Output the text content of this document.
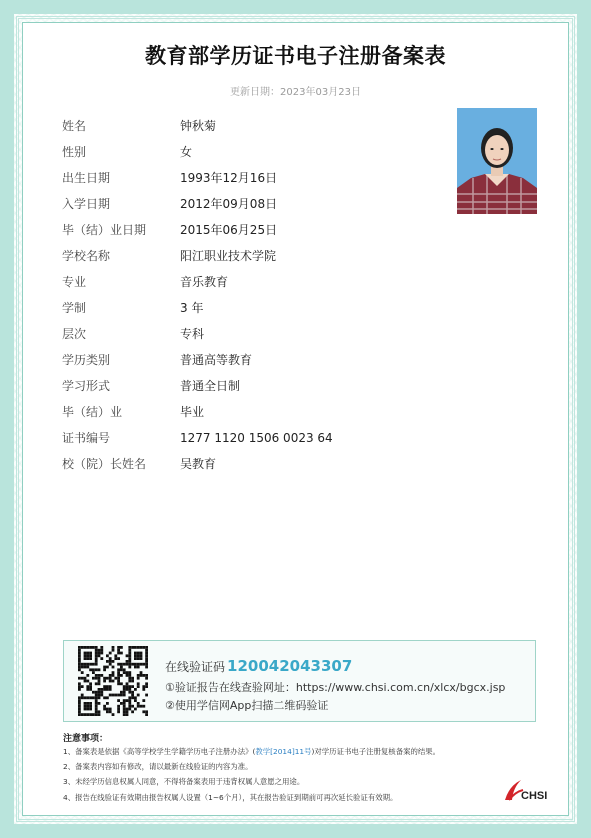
教育部学历证书电子注册备案表
更新日期：2023年03月23日
姓名	钟秋菊
性别	女
出生日期	1993年12月16日
入学日期	2012年09月08日
毕（结）业日期	2015年06月25日
学校名称	阳江职业技术学院
专业	音乐教育
学制	3 年
层次	专科
学历类别	普通高等教育
学习形式	普通全日制
毕（结）业	毕业
证书编号	1277 1120 1506 0023 64
校（院）长姓名	吴教育
在线验证码 120042043307
①验证报告在线查验网址：https://www.chsi.com.cn/xlcx/bgcx.jsp
②使用学信网App扫描二维码验证
注意事项：
1、备案表是依据《高等学校学生学籍学历电子注册办法》(教学[2014]11号)对学历证书电子注册复核备案的结果。
2、备案表内容如有修改，请以最新在线验证的内容为准。
3、未经学历信息权属人同意，不得将备案表用于违背权属人意愿之用途。
4、报告在线验证有效期由报告权属人设置（1~6个月），其在报告验证到期前可再次延长验证有效期。	CHSI
